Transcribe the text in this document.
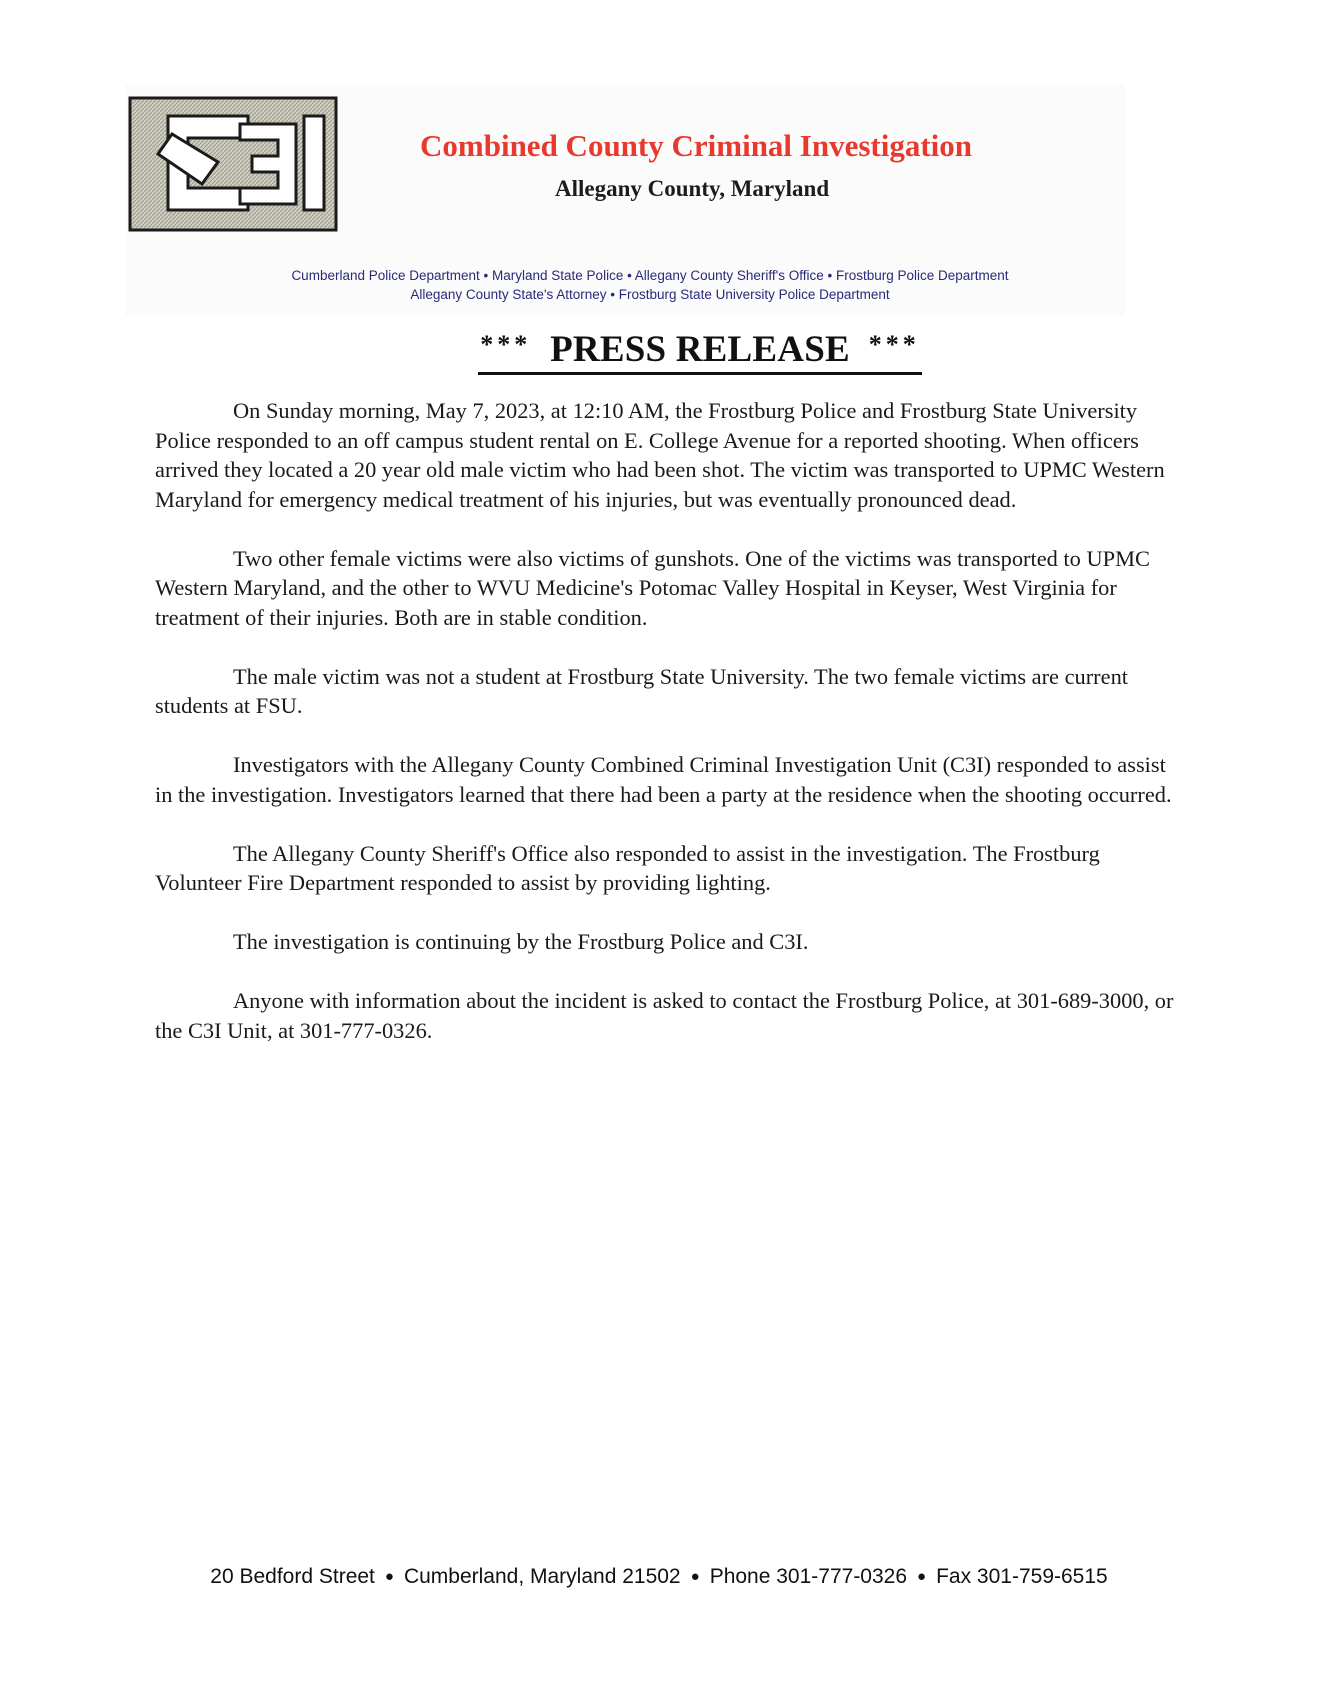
Combined County Criminal Investigation
Allegany County, Maryland
Cumberland Police Department • Maryland State Police • Allegany County Sheriff's Office • Frostburg Police Department
Allegany County State's Attorney • Frostburg State University Police Department
*** PRESS RELEASE ***

On Sunday morning, May 7, 2023, at 12:10 AM, the Frostburg Police and Frostburg State University Police responded to an off campus student rental on E. College Avenue for a reported shooting. When officers arrived they located a 20 year old male victim who had been shot. The victim was transported to UPMC Western Maryland for emergency medical treatment of his injuries, but was eventually pronounced dead.

Two other female victims were also victims of gunshots. One of the victims was transported to UPMC Western Maryland, and the other to WVU Medicine's Potomac Valley Hospital in Keyser, West Virginia for treatment of their injuries. Both are in stable condition.

The male victim was not a student at Frostburg State University. The two female victims are current students at FSU.

Investigators with the Allegany County Combined Criminal Investigation Unit (C3I) responded to assist in the investigation. Investigators learned that there had been a party at the residence when the shooting occurred.

The Allegany County Sheriff's Office also responded to assist in the investigation. The Frostburg Volunteer Fire Department responded to assist by providing lighting.

The investigation is continuing by the Frostburg Police and C3I.

Anyone with information about the incident is asked to contact the Frostburg Police, at 301-689-3000, or the C3I Unit, at 301-777-0326.

20 Bedford Street ● Cumberland, Maryland 21502 ● Phone 301-777-0326 ● Fax 301-759-6515
